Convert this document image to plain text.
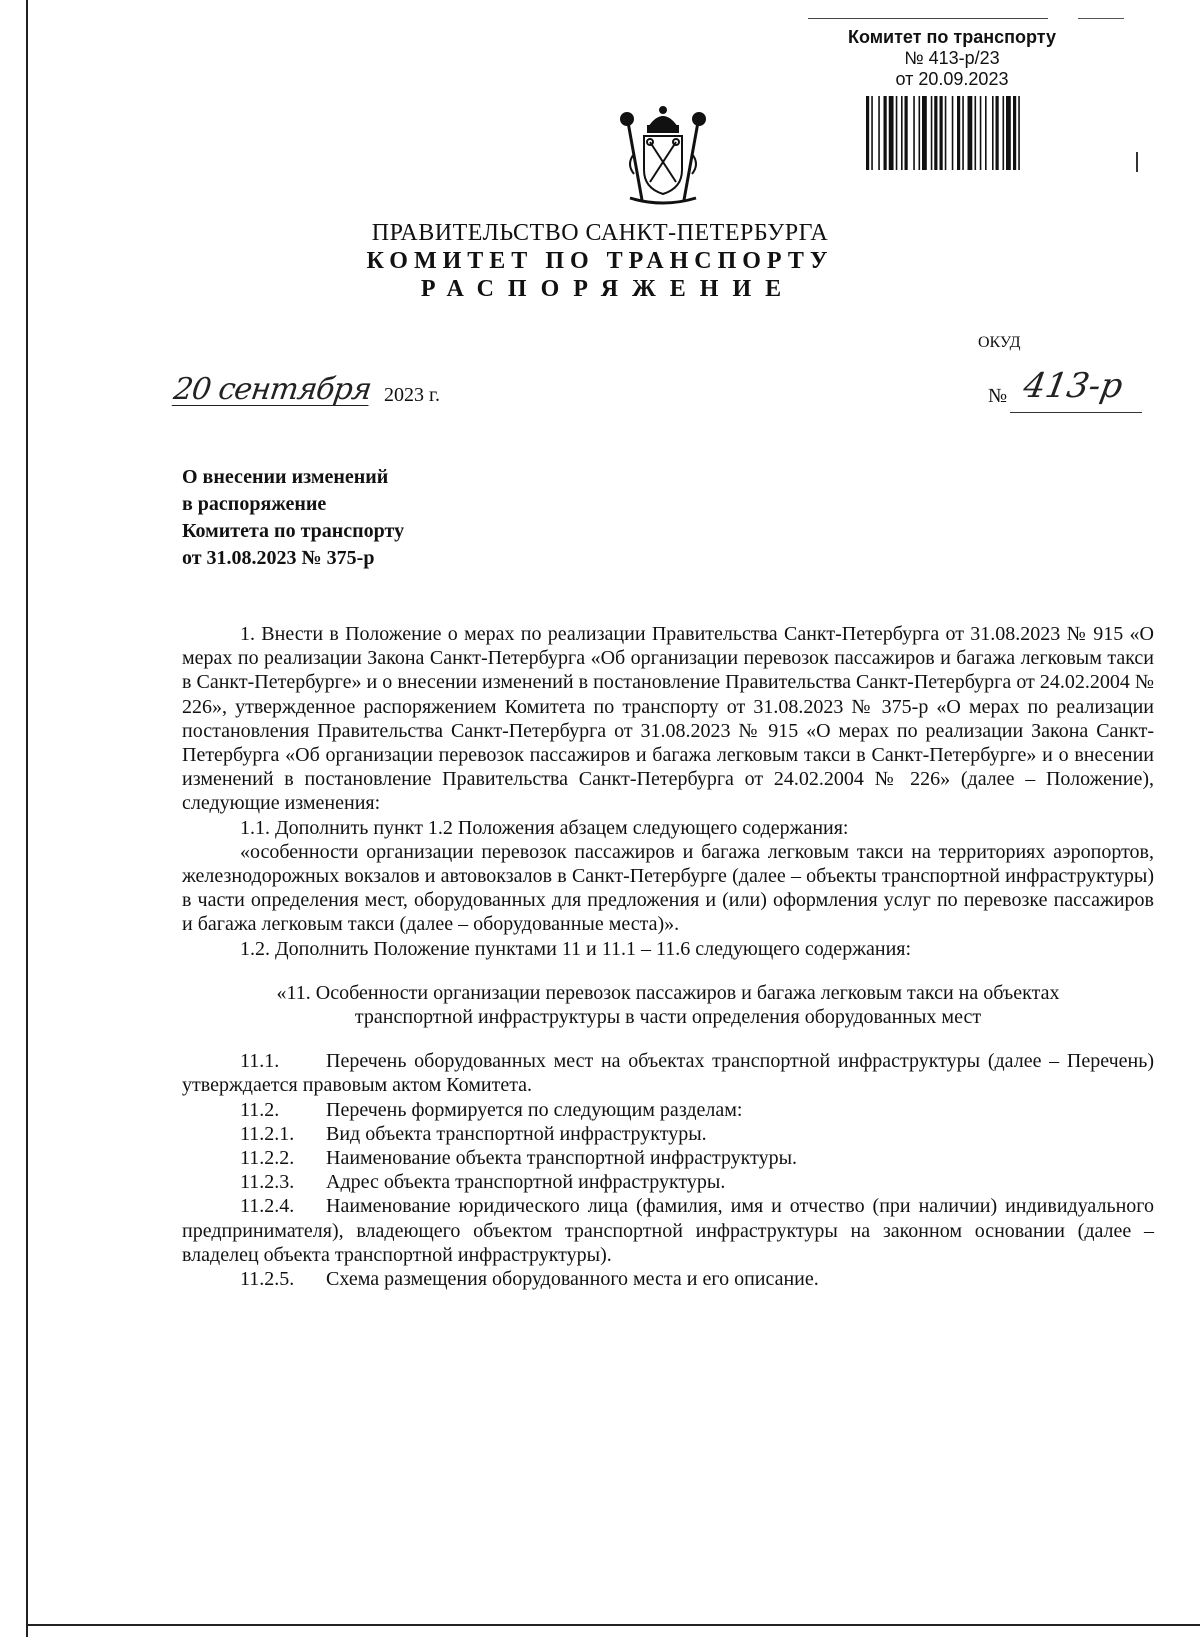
Комитет по транспорту
№ 413-р/23
от 20.09.2023
ПРАВИТЕЛЬСТВО САНКТ-ПЕТЕРБУРГА
КОМИТЕТ ПО ТРАНСПОРТУ
РАСПОРЯЖЕНИЕ
ОКУД
20 сентября 2023 г.	№ 413-р
О внесении изменений
в распоряжение
Комитета по транспорту
от 31.08.2023 № 375-р

1. Внести в Положение о мерах по реализации Правительства Санкт-Петербурга от 31.08.2023 № 915 «О мерах по реализации Закона Санкт-Петербурга «Об организации перевозок пассажиров и багажа легковым такси в Санкт-Петербурге» и о внесении изменений в постановление Правительства Санкт-Петербурга от 24.02.2004 № 226», утвержденное распоряжением Комитета по транспорту от 31.08.2023 № 375-р «О мерах по реализации постановления Правительства Санкт-Петербурга от 31.08.2023 № 915 «О мерах по реализации Закона Санкт-Петербурга «Об организации перевозок пассажиров и багажа легковым такси в Санкт-Петербурге» и о внесении изменений в постановление Правительства Санкт-Петербурга от 24.02.2004 № 226» (далее – Положение), следующие изменения:

1.1. Дополнить пункт 1.2 Положения абзацем следующего содержания:

«особенности организации перевозок пассажиров и багажа легковым такси на территориях аэропортов, железнодорожных вокзалов и автовокзалов в Санкт-Петербурге (далее – объекты транспортной инфраструктуры) в части определения мест, оборудованных для предложения и (или) оформления услуг по перевозке пассажиров и багажа легковым такси (далее – оборудованные места)».

1.2. Дополнить Положение пунктами 11 и 11.1 – 11.6 следующего содержания:

«11. Особенности организации перевозок пассажиров и багажа легковым такси на объектах
транспортной инфраструктуры в части определения оборудованных мест

11.1. Перечень оборудованных мест на объектах транспортной инфраструктуры (далее – Перечень) утверждается правовым актом Комитета.

11.2. Перечень формируется по следующим разделам:

11.2.1. Вид объекта транспортной инфраструктуры.

11.2.2. Наименование объекта транспортной инфраструктуры.

11.2.3. Адрес объекта транспортной инфраструктуры.

11.2.4. Наименование юридического лица (фамилия, имя и отчество (при наличии) индивидуального предпринимателя), владеющего объектом транспортной инфраструктуры на законном основании (далее – владелец объекта транспортной инфраструктуры).

11.2.5. Схема размещения оборудованного места и его описание.
